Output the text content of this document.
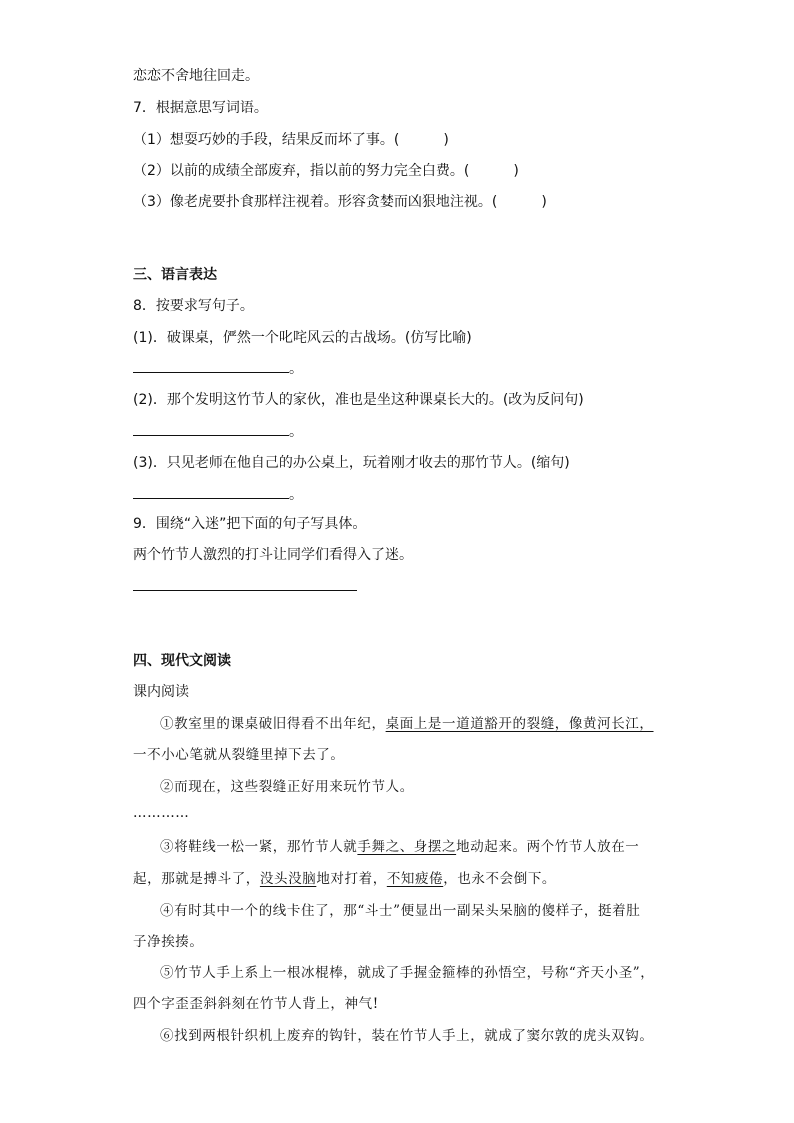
恋恋不舍地往回走。
7．根据意思写词语。
（1）想耍巧妙的手段，结果反而坏了事。(	)
（2）以前的成绩全部废弃，指以前的努力完全白费。(	)
（3）像老虎要扑食那样注视着。形容贪婪而凶狠地注视。(	)
三、语言表达
8．按要求写句子。
(1)．破课桌，俨然一个叱咤风云的古战场。(仿写比喻)
。
(2)．那个发明这竹节人的家伙，准也是坐这种课桌长大的。(改为反问句)
。
(3)．只见老师在他自己的办公桌上，玩着刚才收去的那竹节人。(缩句)
。
9．围绕“入迷”把下面的句子写具体。
两个竹节人激烈的打斗让同学们看得入了迷。
四、现代文阅读
课内阅读
①教室里的课桌破旧得看不出年纪，桌面上是一道道豁开的裂缝，像黄河长江，
一不小心笔就从裂缝里掉下去了。
②而现在，这些裂缝正好用来玩竹节人。
…………
③将鞋线一松一紧，那竹节人就手舞之、身摆之地动起来。两个竹节人放在一
起，那就是搏斗了，没头没脑地对打着，不知疲倦，也永不会倒下。
④有时其中一个的线卡住了，那“斗士”便显出一副呆头呆脑的傻样子，挺着肚
子净挨揍。
⑤竹节人手上系上一根冰棍棒，就成了手握金箍棒的孙悟空，号称“齐天小圣”，
四个字歪歪斜斜刻在竹节人背上，神气!
⑥找到两根针织机上废弃的钩针，装在竹节人手上，就成了窦尔敦的虎头双钩。
